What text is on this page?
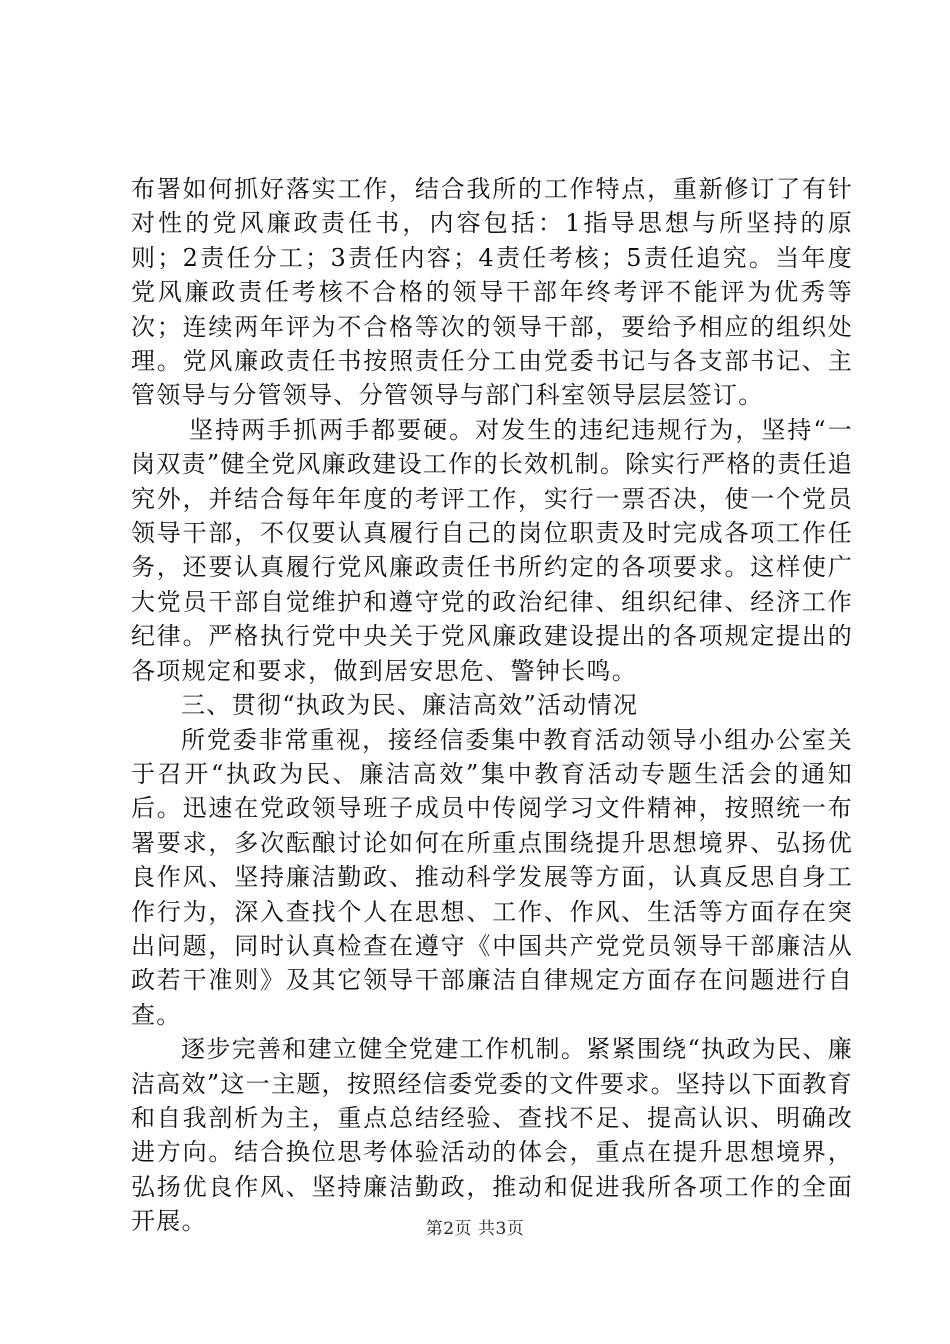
布署如何抓好落实工作，结合我所的工作特点，重新修订了有针对性的党风廉政责任书，内容包括：1指导思想与所坚持的原则；2责任分工；3责任内容；4责任考核；5责任追究。当年度党风廉政责任考核不合格的领导干部年终考评不能评为优秀等次；连续两年评为不合格等次的领导干部，要给予相应的组织处理。党风廉政责任书按照责任分工由党委书记与各支部书记、主管领导与分管领导、分管领导与部门科室领导层层签订。

坚持两手抓两手都要硬。对发生的违纪违规行为，坚持“一岗双责”健全党风廉政建设工作的长效机制。除实行严格的责任追究外，并结合每年年度的考评工作，实行一票否决，使一个党员领导干部，不仅要认真履行自己的岗位职责及时完成各项工作任务，还要认真履行党风廉政责任书所约定的各项要求。这样使广大党员干部自觉维护和遵守党的政治纪律、组织纪律、经济工作纪律。严格执行党中央关于党风廉政建设提出的各项规定提出的各项规定和要求，做到居安思危、警钟长鸣。

三、贯彻“执政为民、廉洁高效”活动情况

所党委非常重视，接经信委集中教育活动领导小组办公室关于召开“执政为民、廉洁高效”集中教育活动专题生活会的通知后。迅速在党政领导班子成员中传阅学习文件精神，按照统一布署要求，多次酝酿讨论如何在所重点围绕提升思想境界、弘扬优良作风、坚持廉洁勤政、推动科学发展等方面，认真反思自身工作行为，深入查找个人在思想、工作、作风、生活等方面存在突出问题，同时认真检查在遵守《中国共产党党员领导干部廉洁从政若干准则》及其它领导干部廉洁自律规定方面存在问题进行自查。

逐步完善和建立健全党建工作机制。紧紧围绕“执政为民、廉洁高效”这一主题，按照经信委党委的文件要求。坚持以下面教育和自我剖析为主，重点总结经验、查找不足、提高认识、明确改进方向。结合换位思考体验活动的体会，重点在提升思想境界，弘扬优良作风、坚持廉洁勤政，推动和促进我所各项工作的全面开展。	第2页 共3页
